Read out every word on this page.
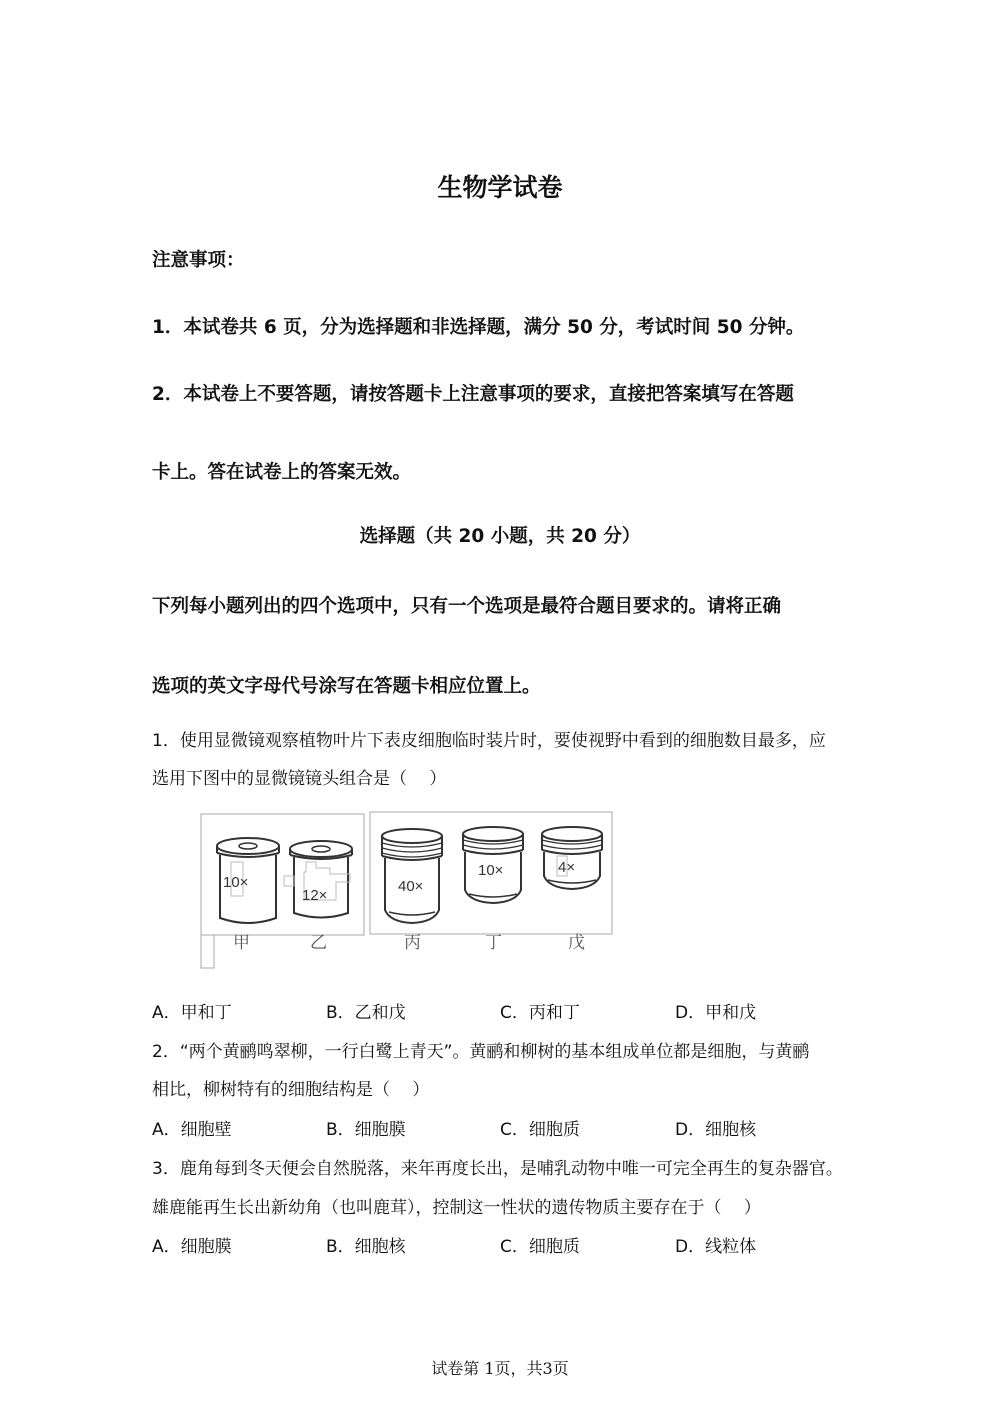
生物学试卷
注意事项：
1．本试卷共 6 页，分为选择题和非选择题，满分 50 分，考试时间 50 分钟。
2．本试卷上不要答题，请按答题卡上注意事项的要求，直接把答案填写在答题
卡上。答在试卷上的答案无效。
选择题（共 20 小题，共 20 分）
下列每小题列出的四个选项中，只有一个选项是最符合题目要求的。请将正确
选项的英文字母代号涂写在答题卡相应位置上。
1．使用显微镜观察植物叶片下表皮细胞临时装片时，要使视野中看到的细胞数目最多，应
选用下图中的显微镜镜头组合是（　 ）
10×
12×
40×
10×	4×
甲	乙	丙	丁	戊
A．甲和丁	B．乙和戊	C．丙和丁	D．甲和戊
2．“两个黄鹂鸣翠柳，一行白鹭上青天”。黄鹂和柳树的基本组成单位都是细胞，与黄鹂
相比，柳树特有的细胞结构是（　 ）
A．细胞壁	B．细胞膜	C．细胞质	D．细胞核
3．鹿角每到冬天便会自然脱落，来年再度长出，是哺乳动物中唯一可完全再生的复杂器官。
雄鹿能再生长出新幼角（也叫鹿茸），控制这一性状的遗传物质主要存在于（　 ）
A．细胞膜	B．细胞核	C．细胞质	D．线粒体
试卷第 1页，共3页
